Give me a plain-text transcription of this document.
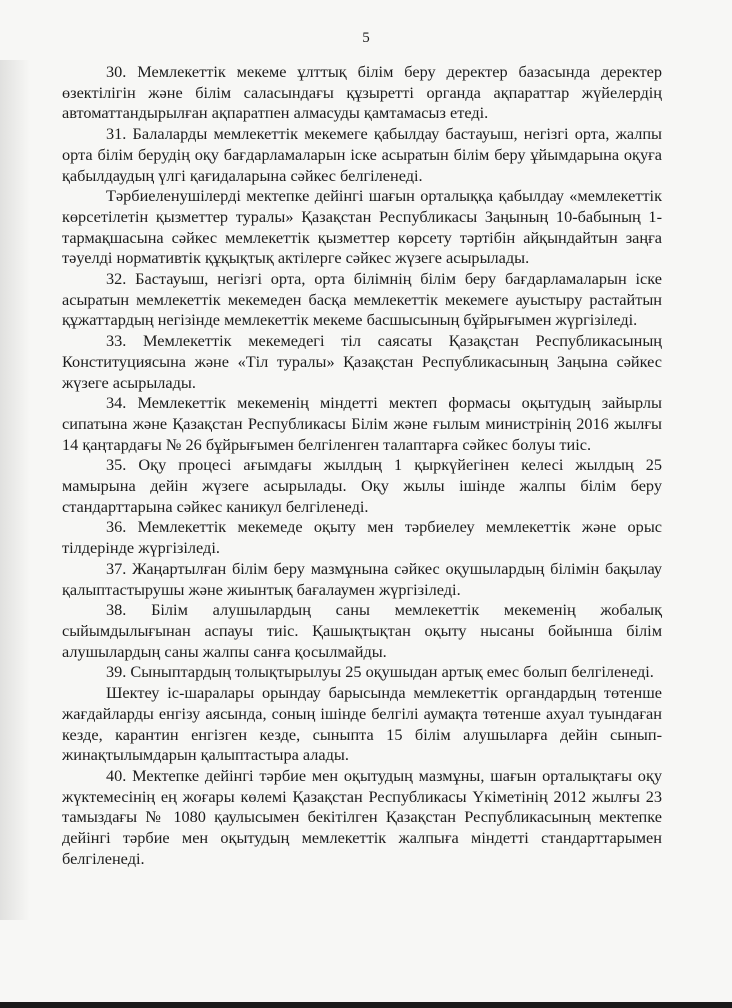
5

30. Мемлекеттік мекеме ұлттық білім беру деректер базасында деректер өзектілігін және білім саласындағы құзыретті органда ақпараттар жүйелердің автоматтандырылған ақпаратпен алмасуды қамтамасыз етеді.

31. Балаларды мемлекеттік мекемеге қабылдау бастауыш, негізгі орта, жалпы орта білім берудің оқу бағдарламаларын іске асыратын білім беру ұйымдарына оқуға қабылдаудың үлгі қағидаларына сәйкес белгіленеді.

Тәрбиеленушілерді мектепке дейінгі шағын орталыққа қабылдау «мемлекеттік көрсетілетін қызметтер туралы» Қазақстан Республикасы Заңының 10-бабының 1-тармақшасына сәйкес мемлекеттік қызметтер көрсету тәртібін айқындайтын заңға тәуелді нормативтік құқықтық актілерге сәйкес жүзеге асырылады.

32. Бастауыш, негізгі орта, орта білімнің білім беру бағдарламаларын іске асыратын мемлекеттік мекемеден басқа мемлекеттік мекемеге ауыстыру растайтын құжаттардың негізінде мемлекеттік мекеме басшысының бұйрығымен жүргізіледі.

33. Мемлекеттік мекемедегі тіл саясаты Қазақстан Республикасының Конституциясына және «Тіл туралы» Қазақстан Республикасының Заңына сәйкес жүзеге асырылады.

34. Мемлекеттік мекеменің міндетті мектеп формасы оқытудың зайырлы сипатына және Қазақстан Республикасы Білім және ғылым министрінің 2016 жылғы 14 қаңтардағы № 26 бұйрығымен белгіленген талаптарға сәйкес болуы тиіс.

35. Оқу процесі ағымдағы жылдың 1 қыркүйегінен келесі жылдың 25 мамырына дейін жүзеге асырылады. Оқу жылы ішінде жалпы білім беру стандарттарына сәйкес каникул белгіленеді.

36. Мемлекеттік мекемеде оқыту мен тәрбиелеу мемлекеттік және орыс тілдерінде жүргізіледі.

37. Жаңартылған білім беру мазмұнына сәйкес оқушылардың білімін бақылау қалыптастырушы және жиынтық бағалаумен жүргізіледі.

38. Білім алушылардың саны мемлекеттік мекеменің жобалық сыйымдылығынан аспауы тиіс. Қашықтықтан оқыту нысаны бойынша білім алушылардың саны жалпы санға қосылмайды.

39. Сыныптардың толықтырылуы 25 оқушыдан артық емес болып белгіленеді.

Шектеу іс-шаралары орындау барысында мемлекеттік органдардың төтенше жағдайларды енгізу аясында, соның ішінде белгілі аумақта төтенше ахуал туындаған кезде, карантин енгізген кезде, сыныпта 15 білім алушыларға дейін сынып-жинақтылымдарын қалыптастыра алады.

40. Мектепке дейінгі тәрбие мен оқытудың мазмұны, шағын орталықтағы оқу жүктемесінің ең жоғары көлемі Қазақстан Республикасы Үкіметінің 2012 жылғы 23 тамыздағы № 1080 қаулысымен бекітілген Қазақстан Республикасының мектепке дейінгі тәрбие мен оқытудың мемлекеттік жалпыға міндетті стандарттарымен белгіленеді.
